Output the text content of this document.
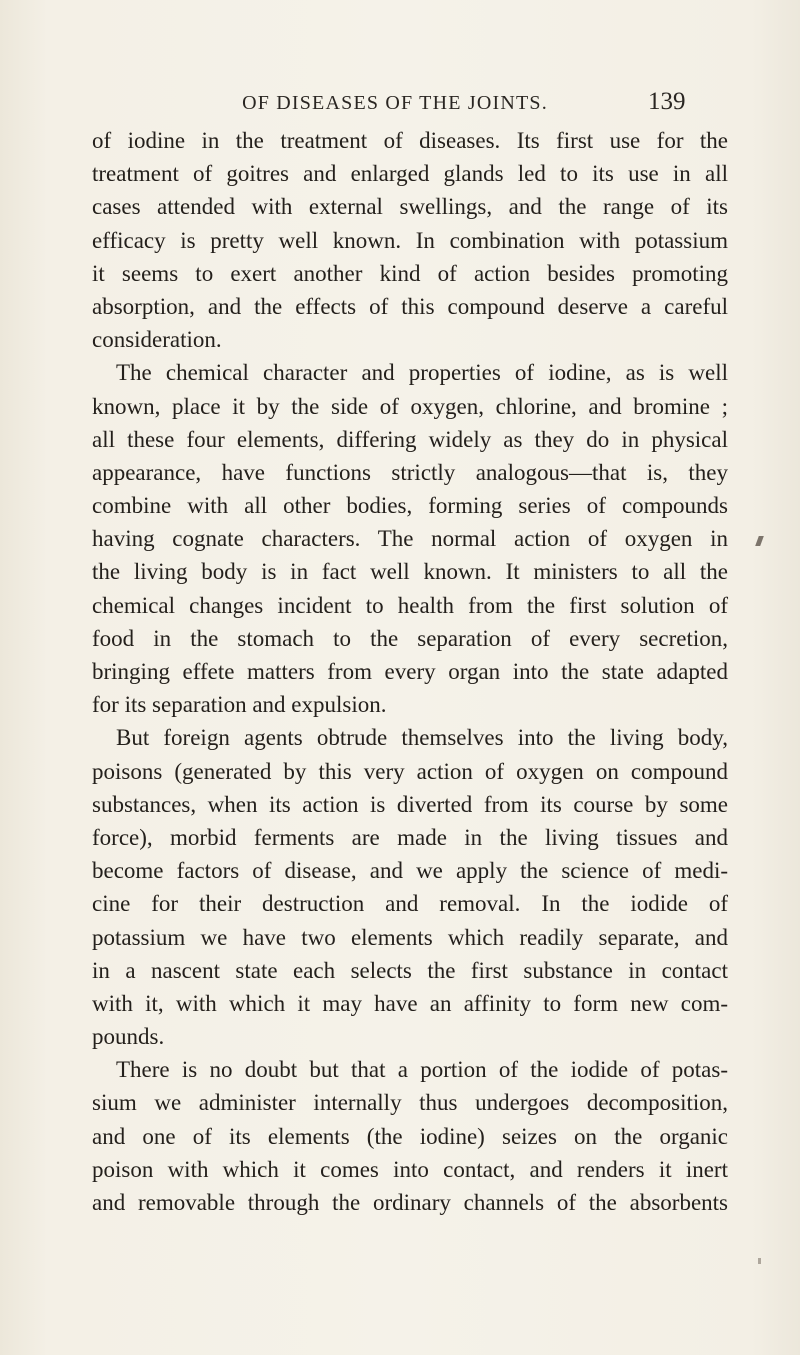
OF DISEASES OF THE JOINTS.	139
of iodine in the treatment of diseases. Its first use for the
treatment of goitres and enlarged glands led to its use in all
cases attended with external swellings, and the range of its
efficacy is pretty well known. In combination with potassium
it seems to exert another kind of action besides promoting
absorption, and the effects of this compound deserve a careful
consideration.
The chemical character and properties of iodine, as is well
known, place it by the side of oxygen, chlorine, and bromine ;
all these four elements, differing widely as they do in physical
appearance, have functions strictly analogous—that is, they
combine with all other bodies, forming series of compounds
having cognate characters. The normal action of oxygen in
the living body is in fact well known. It ministers to all the
chemical changes incident to health from the first solution of
food in the stomach to the separation of every secretion,
bringing effete matters from every organ into the state adapted
for its separation and expulsion.
But foreign agents obtrude themselves into the living body,
poisons (generated by this very action of oxygen on compound
substances, when its action is diverted from its course by some
force), morbid ferments are made in the living tissues and
become factors of disease, and we apply the science of medi-
cine for their destruction and removal. In the iodide of
potassium we have two elements which readily separate, and
in a nascent state each selects the first substance in contact
with it, with which it may have an affinity to form new com-
pounds.
There is no doubt but that a portion of the iodide of potas-
sium we administer internally thus undergoes decomposition,
and one of its elements (the iodine) seizes on the organic
poison with which it comes into contact, and renders it inert
and removable through the ordinary channels of the absorbents
